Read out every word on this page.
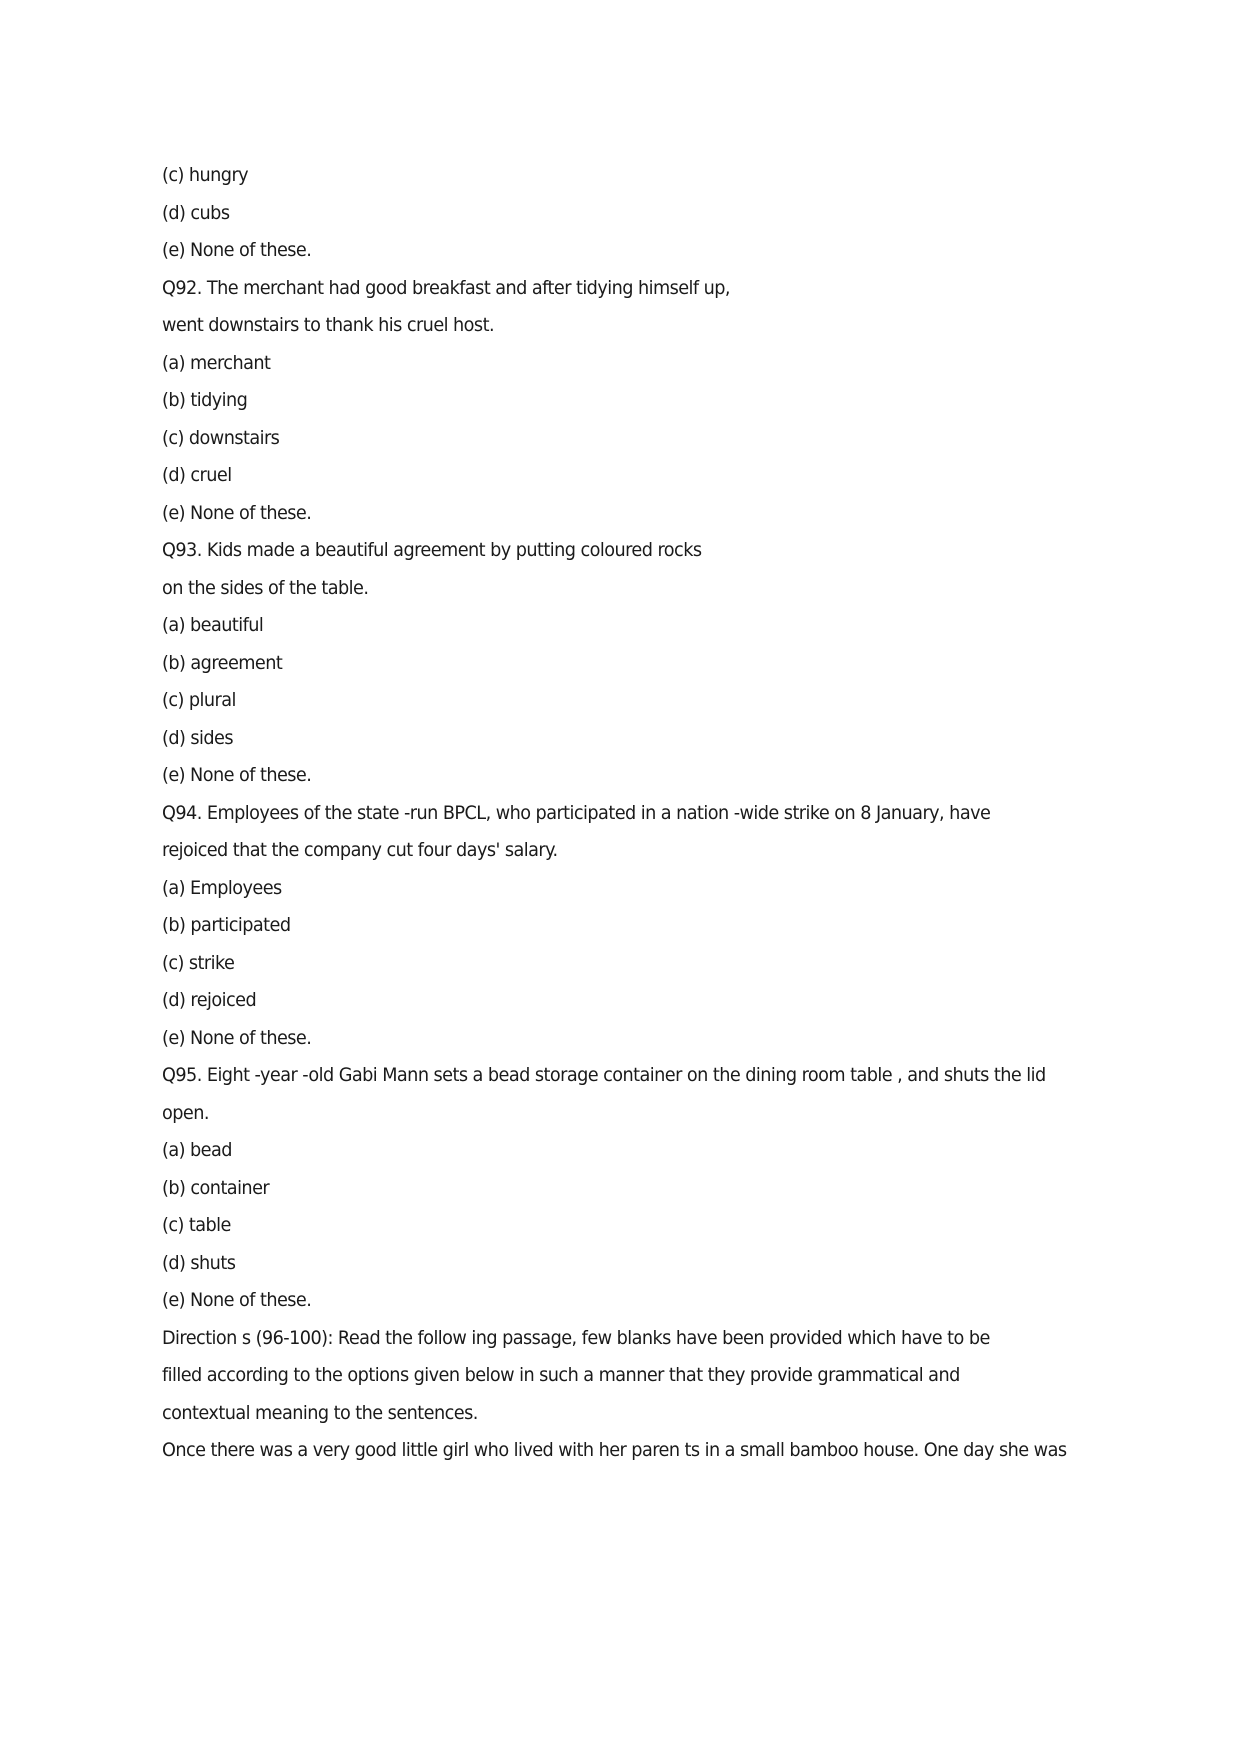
(c) hungry

(d) cubs

(e) None of these.

Q92. The merchant had good breakfast and after tidying himself up,

went downstairs to thank his cruel host.

(a) merchant

(b) tidying

(c) downstairs

(d) cruel

(e) None of these.

Q93. Kids made a beautiful agreement by putting coloured rocks

on the sides of the table.

(a) beautiful

(b) agreement

(c) plural

(d) sides

(e) None of these.

Q94. Employees of the state -run BPCL, who participated in a nation -wide strike on 8 January, have

rejoiced that the company cut four days' salary.

(a) Employees

(b) participated

(c) strike

(d) rejoiced

(e) None of these.

Q95. Eight -year -old Gabi Mann sets a bead storage container on the dining room table , and shuts the lid

open.

(a) bead

(b) container

(c) table

(d) shuts

(e) None of these.

Direction s (96-100): Read the follow ing passage, few blanks have been provided which have to be

filled according to the options given below in such a manner that they provide grammatical and

contextual meaning to the sentences.

Once there was a very good little girl who lived with her paren ts in a small bamboo house. One day she was
